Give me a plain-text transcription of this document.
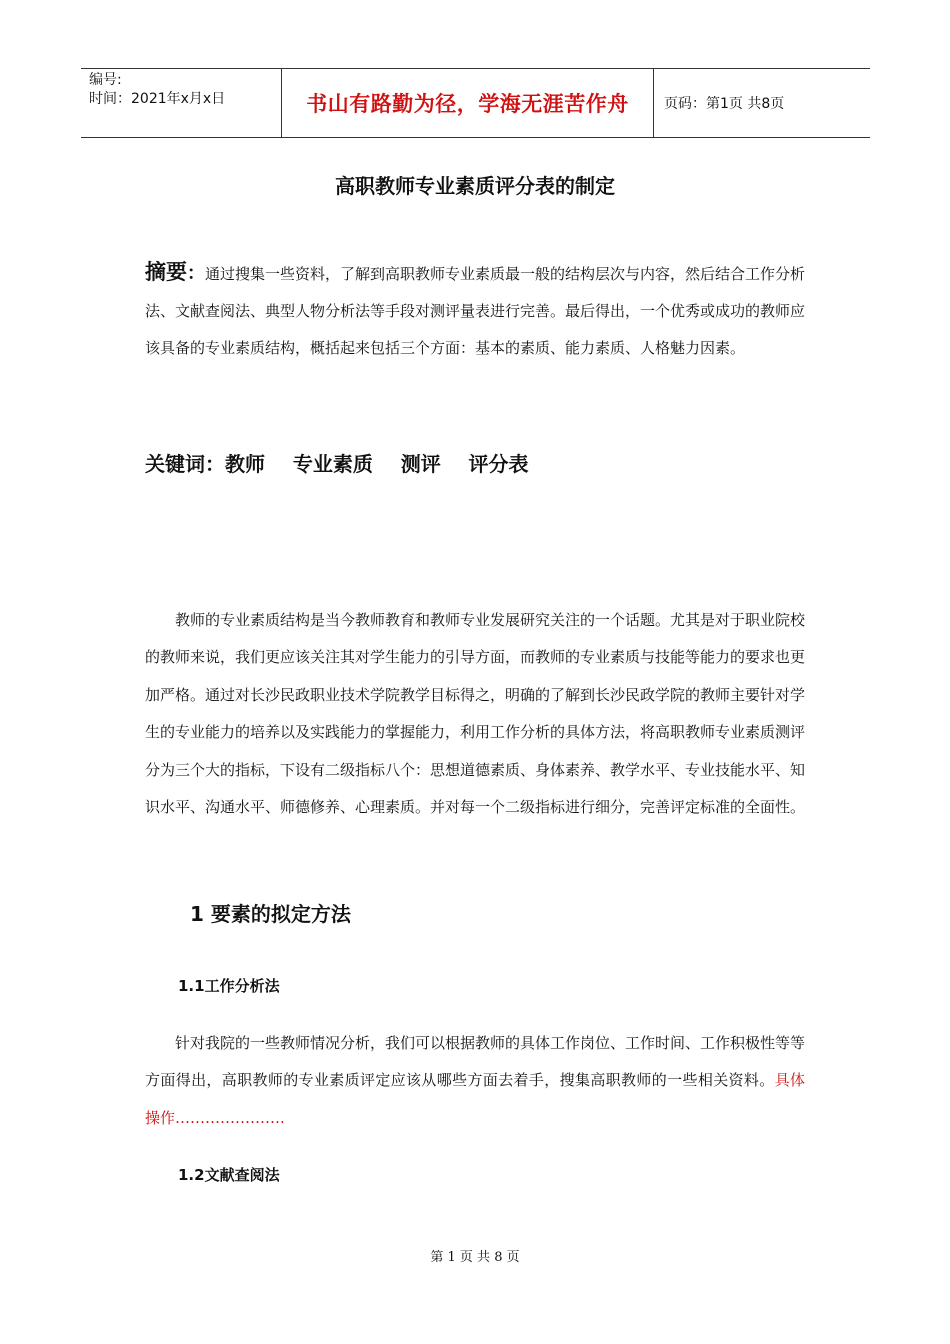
编号:
时间：2021年x月x日	书山有路勤为径，学海无涯苦作舟	页码：第1页 共8页
高职教师专业素质评分表的制定
摘要：通过搜集一些资料，了解到高职教师专业素质最一般的结构层次与内容，然后结合工作分析法、文献查阅法、典型人物分析法等手段对测评量表进行完善。最后得出，一个优秀或成功的教师应该具备的专业素质结构，概括起来包括三个方面：基本的素质、能力素质、人格魅力因素。
关键词：教师    专业素质    测评    评分表

教师的专业素质结构是当今教师教育和教师专业发展研究关注的一个话题。尤其是对于职业院校的教师来说，我们更应该关注其对学生能力的引导方面，而教师的专业素质与技能等能力的要求也更加严格。通过对长沙民政职业技术学院教学目标得之，明确的了解到长沙民政学院的教师主要针对学生的专业能力的培养以及实践能力的掌握能力，利用工作分析的具体方法，将高职教师专业素质测评分为三个大的指标，下设有二级指标八个：思想道德素质、身体素养、教学水平、专业技能水平、知识水平、沟通水平、师德修养、心理素质。并对每一个二级指标进行细分，完善评定标准的全面性。

1 要素的拟定方法
1.1工作分析法

针对我院的一些教师情况分析，我们可以根据教师的具体工作岗位、工作时间、工作积极性等等方面得出，高职教师的专业素质评定应该从哪些方面去着手，搜集高职教师的一些相关资料。具体操作………………….

1.2文献查阅法
第 1 页 共 8 页
